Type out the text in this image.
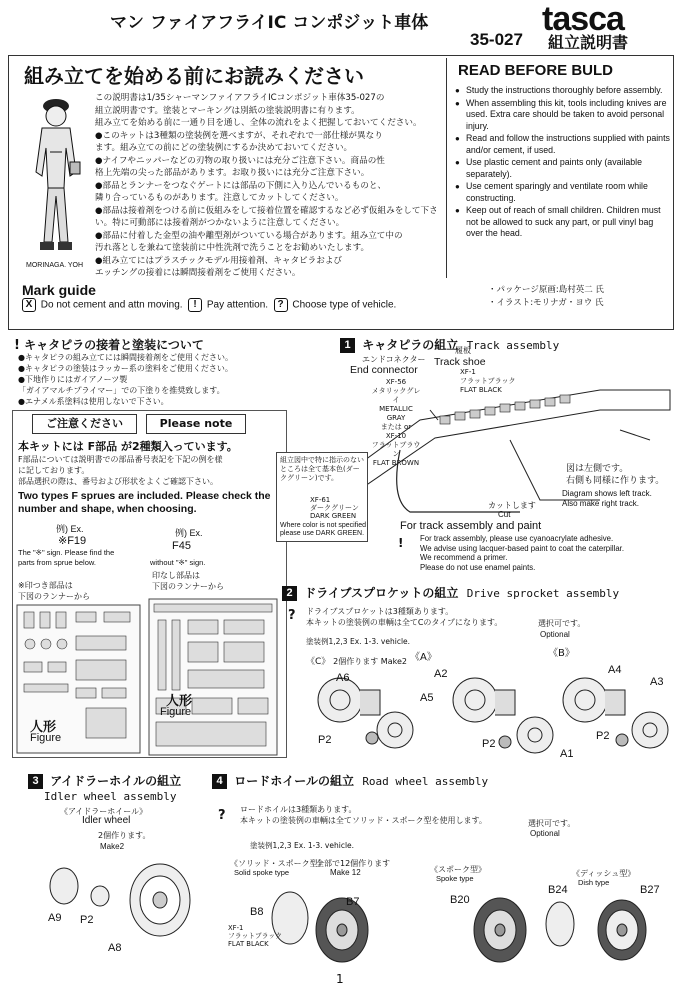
マン ファイアフライIC コンポジット車体	tasca
35-027 組立説明書
組み立てを始める前にお読みください	READ BEFORE BULD
MORINAGA. YOH
この説明書は1/35シャーマンファイアフライICコンポジット車体35-027の
組立説明書です。塗装とマーキングは別紙の塗装説明書に有ります。
組み立てを始める前に一通り目を通し、全体の流れをよく把握しておいてください。
●このキットは3種類の塗装例を選べますが、それぞれで一部仕様が異なり
ます。組み立ての前にどの塗装例にするか決めておいてください。
●ナイフやニッパーなどの刃物の取り扱いには充分ご注意下さい。商品の性
格上先端の尖った部品があります。お取り扱いには充分ご注意下さい。
●部品とランナーをつなぐゲートには部品の下側に入り込んでいるものと、
隣り合っているものがあります。注意してカットしてください。
●部品は接着剤をつける前に仮組みをして接着位置を確認するなど必ず仮組みをして下さ
い。特に可動部には接着剤がつかないように注意してください。
●部品に付着した金型の油や離型剤がついている場合があります。組み立て中の
汚れ落としを兼ねて塗装前に中性洗剤で洗うことをお勧めいたします。
●組み立てにはプラスチックモデル用接着剤、キャタピラおよび
エッチングの接着には瞬間接着剤をご使用ください。
● Study the instructions thoroughly before assembly.
● When assembling this kit, tools including knives are used. Extra care should be taken to avoid personal injury.
● Read and follow the instructions supplied with paints and/or cement, if used.
● Use plastic cement and paints only (available separately).
● Use cement sparingly and ventilate room while constructing.
● Keep out of reach of small children. Children must not be allowed to suck any part, or pull vinyl bag over the head.
Mark guide
X Do not cement and attn moving. ! Pay attention. ? Choose type of vehicle.
・パッケージ原画:島村英二 氏
・イラスト:モリナガ・ヨウ 氏
! キャタピラの接着と塗装について
●キャタピラの組み立てには瞬間接着剤をご使用ください。
●キャタピラの塗装はラッカー系の塗料をご使用ください。
●下地作りにはガイアノーツ製
「ガイアマルチプライマー」での下塗りを推奨致します。
●エナメル系塗料は使用しないで下さい。
ご注意ください	Please note
本キットには F部品 が2種類入っています。
F部品については説明書での部品番号表記を下記の例を様
に記しております。
部品選択の際は、番号および形状をよくご確認下さい。
Two types F sprues are included. Please check the number and shape, when choosing.
例) Ex.
※F19
The "※" sign. Please find the parts from sprue below.
※印つき部品は
下図のランナーから
例) Ex.
F45
without "※" sign.
印なし部品は
下図のランナーから
人形
Figure
人形
Figure
1 キャタピラの組立 Track assembly
エンドコネクター
End connector
XF-56
メタリックグレイ
METALLIC GRAY
または or
XF-10
フラットブラウン
FLAT BROWN
履板
Track shoe
XF-1
フラットブラック
FLAT BLACK
組立図中で特に指示のないところは全て基本色(ダークグリーン)です。
XF-61
ダークグリーン
DARK GREEN
Where color is not specified please use DARK GREEN.
図は左側です。
右側も同様に作ります。
Diagram shows left track.
Also make right track.
カットします
Cut
For track assembly and paint
! For track assembly, please use cyanoacrylate adhesive.
We advise using lacquer-based paint to coat the caterpillar.
We recommend a primer.
Please do not use enamel paints.
2 ドライブスプロケットの組立 Drive sprocket assembly
? ドライブスプロケットは3種類あります。
本キットの塗装例の車輌は全てCのタイプになります。
塗装例1,2,3 Ex. 1-3. vehicle.
選択可です。
Optional
《C》 2個作ります Make2 《A》	《B》
A6
A5
P2
A2
P2
A1
A4
A3
P2
3 アイドラーホイルの組立
Idler wheel assembly
《アイドラーホイール》
Idler wheel
2個作ります。
Make2
A9 P2
A8
4 ロードホイールの組立 Road wheel assembly
? ロードホイルは3種類あります。
本キットの塗装例の車輌は全てソリッド・スポーク型を使用します。
塗装例1,2,3 Ex. 1-3. vehicle.
選択可です。
Optional
《ソリッド・スポーク型》
Solid spoke type
全部で12個作ります
Make 12	《スポーク型》
Spoke type
《ディッシュ型》
Dish type
B8
B7	B20
B24	B27
XF-1
フラットブラック
FLAT BLACK
1
